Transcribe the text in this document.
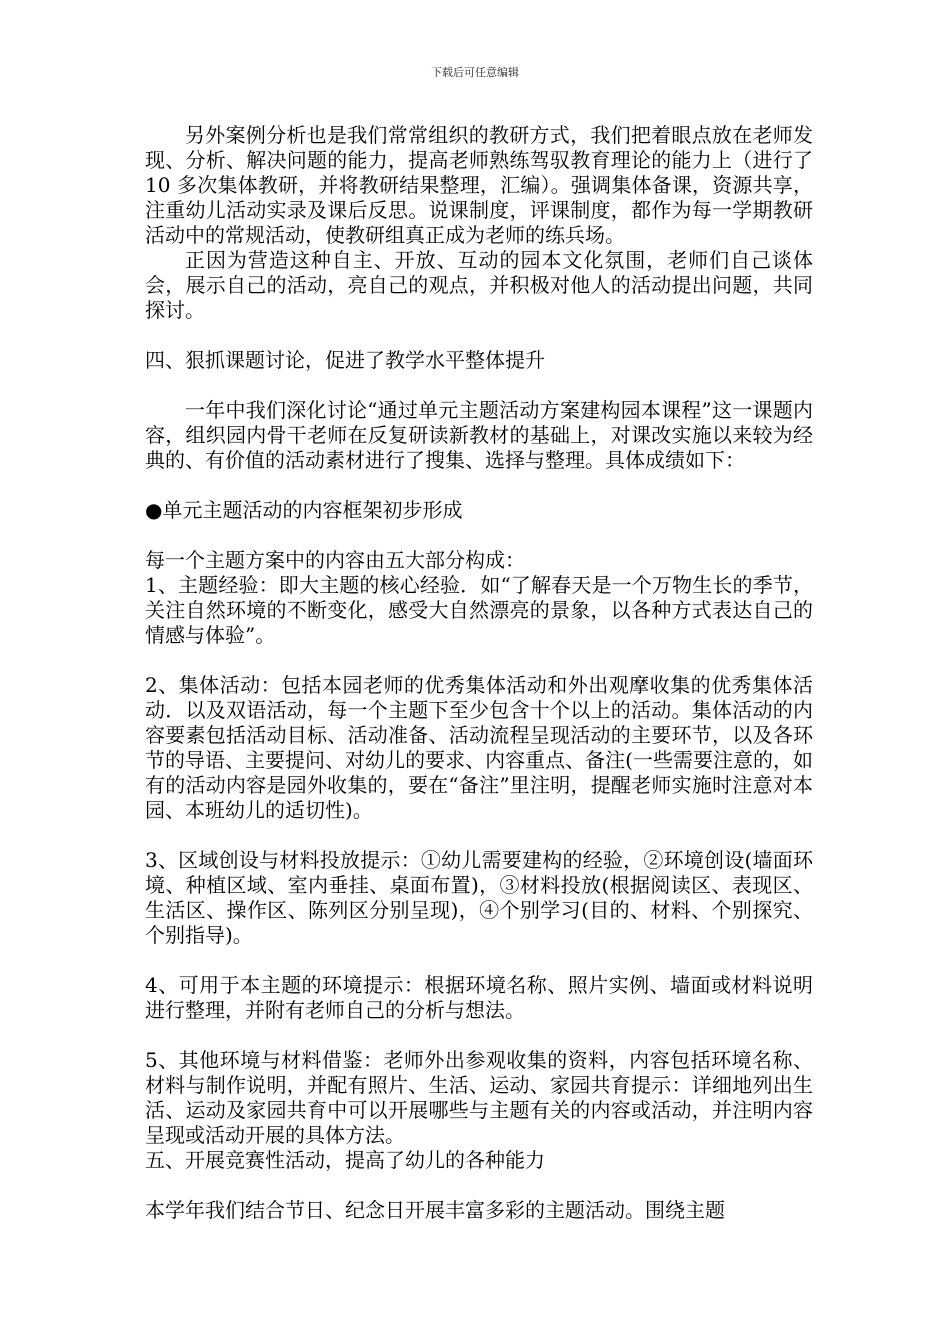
下载后可任意编辑

另外案例分析也是我们常常组织的教研方式，我们把着眼点放在老师发现、分析、解决问题的能力，提高老师熟练驾驭教育理论的能力上（进行了 10 多次集体教研，并将教研结果整理，汇编）。强调集体备课，资源共享，注重幼儿活动实录及课后反思。说课制度，评课制度，都作为每一学期教研活动中的常规活动，使教研组真正成为老师的练兵场。

正因为营造这种自主、开放、互动的园本文化氛围，老师们自己谈体会，展示自己的活动，亮自己的观点，并积极对他人的活动提出问题，共同探讨。

四、狠抓课题讨论，促进了教学水平整体提升

一年中我们深化讨论“通过单元主题活动方案建构园本课程”这一课题内容，组织园内骨干老师在反复研读新教材的基础上，对课改实施以来较为经典的、有价值的活动素材进行了搜集、选择与整理。具体成绩如下：

●单元主题活动的内容框架初步形成

每一个主题方案中的内容由五大部分构成：

1、主题经验：即大主题的核心经验．如“了解春天是一个万物生长的季节，关注自然环境的不断变化，感受大自然漂亮的景象，以各种方式表达自己的情感与体验”。

2、集体活动：包括本园老师的优秀集体活动和外出观摩收集的优秀集体活动．以及双语活动，每一个主题下至少包含十个以上的活动。集体活动的内容要素包括活动目标、活动准备、活动流程呈现活动的主要环节，以及各环节的导语、主要提问、对幼儿的要求、内容重点、备注(一些需要注意的，如有的活动内容是园外收集的，要在“备注”里注明，提醒老师实施时注意对本园、本班幼儿的适切性)。

3、区域创设与材料投放提示：①幼儿需要建构的经验，②环境创设(墙面环境、种植区域、室内垂挂、桌面布置)，③材料投放(根据阅读区、表现区、生活区、操作区、陈列区分别呈现)，④个别学习(目的、材料、个别探究、个别指导)。

4、可用于本主题的环境提示：根据环境名称、照片实例、墙面或材料说明进行整理，并附有老师自己的分析与想法。

5、其他环境与材料借鉴：老师外出参观收集的资料，内容包括环境名称、材料与制作说明，并配有照片、生活、运动、家园共育提示：详细地列出生活、运动及家园共育中可以开展哪些与主题有关的内容或活动，并注明内容呈现或活动开展的具体方法。

五、开展竞赛性活动，提高了幼儿的各种能力

本学年我们结合节日、纪念日开展丰富多彩的主题活动。围绕主题
